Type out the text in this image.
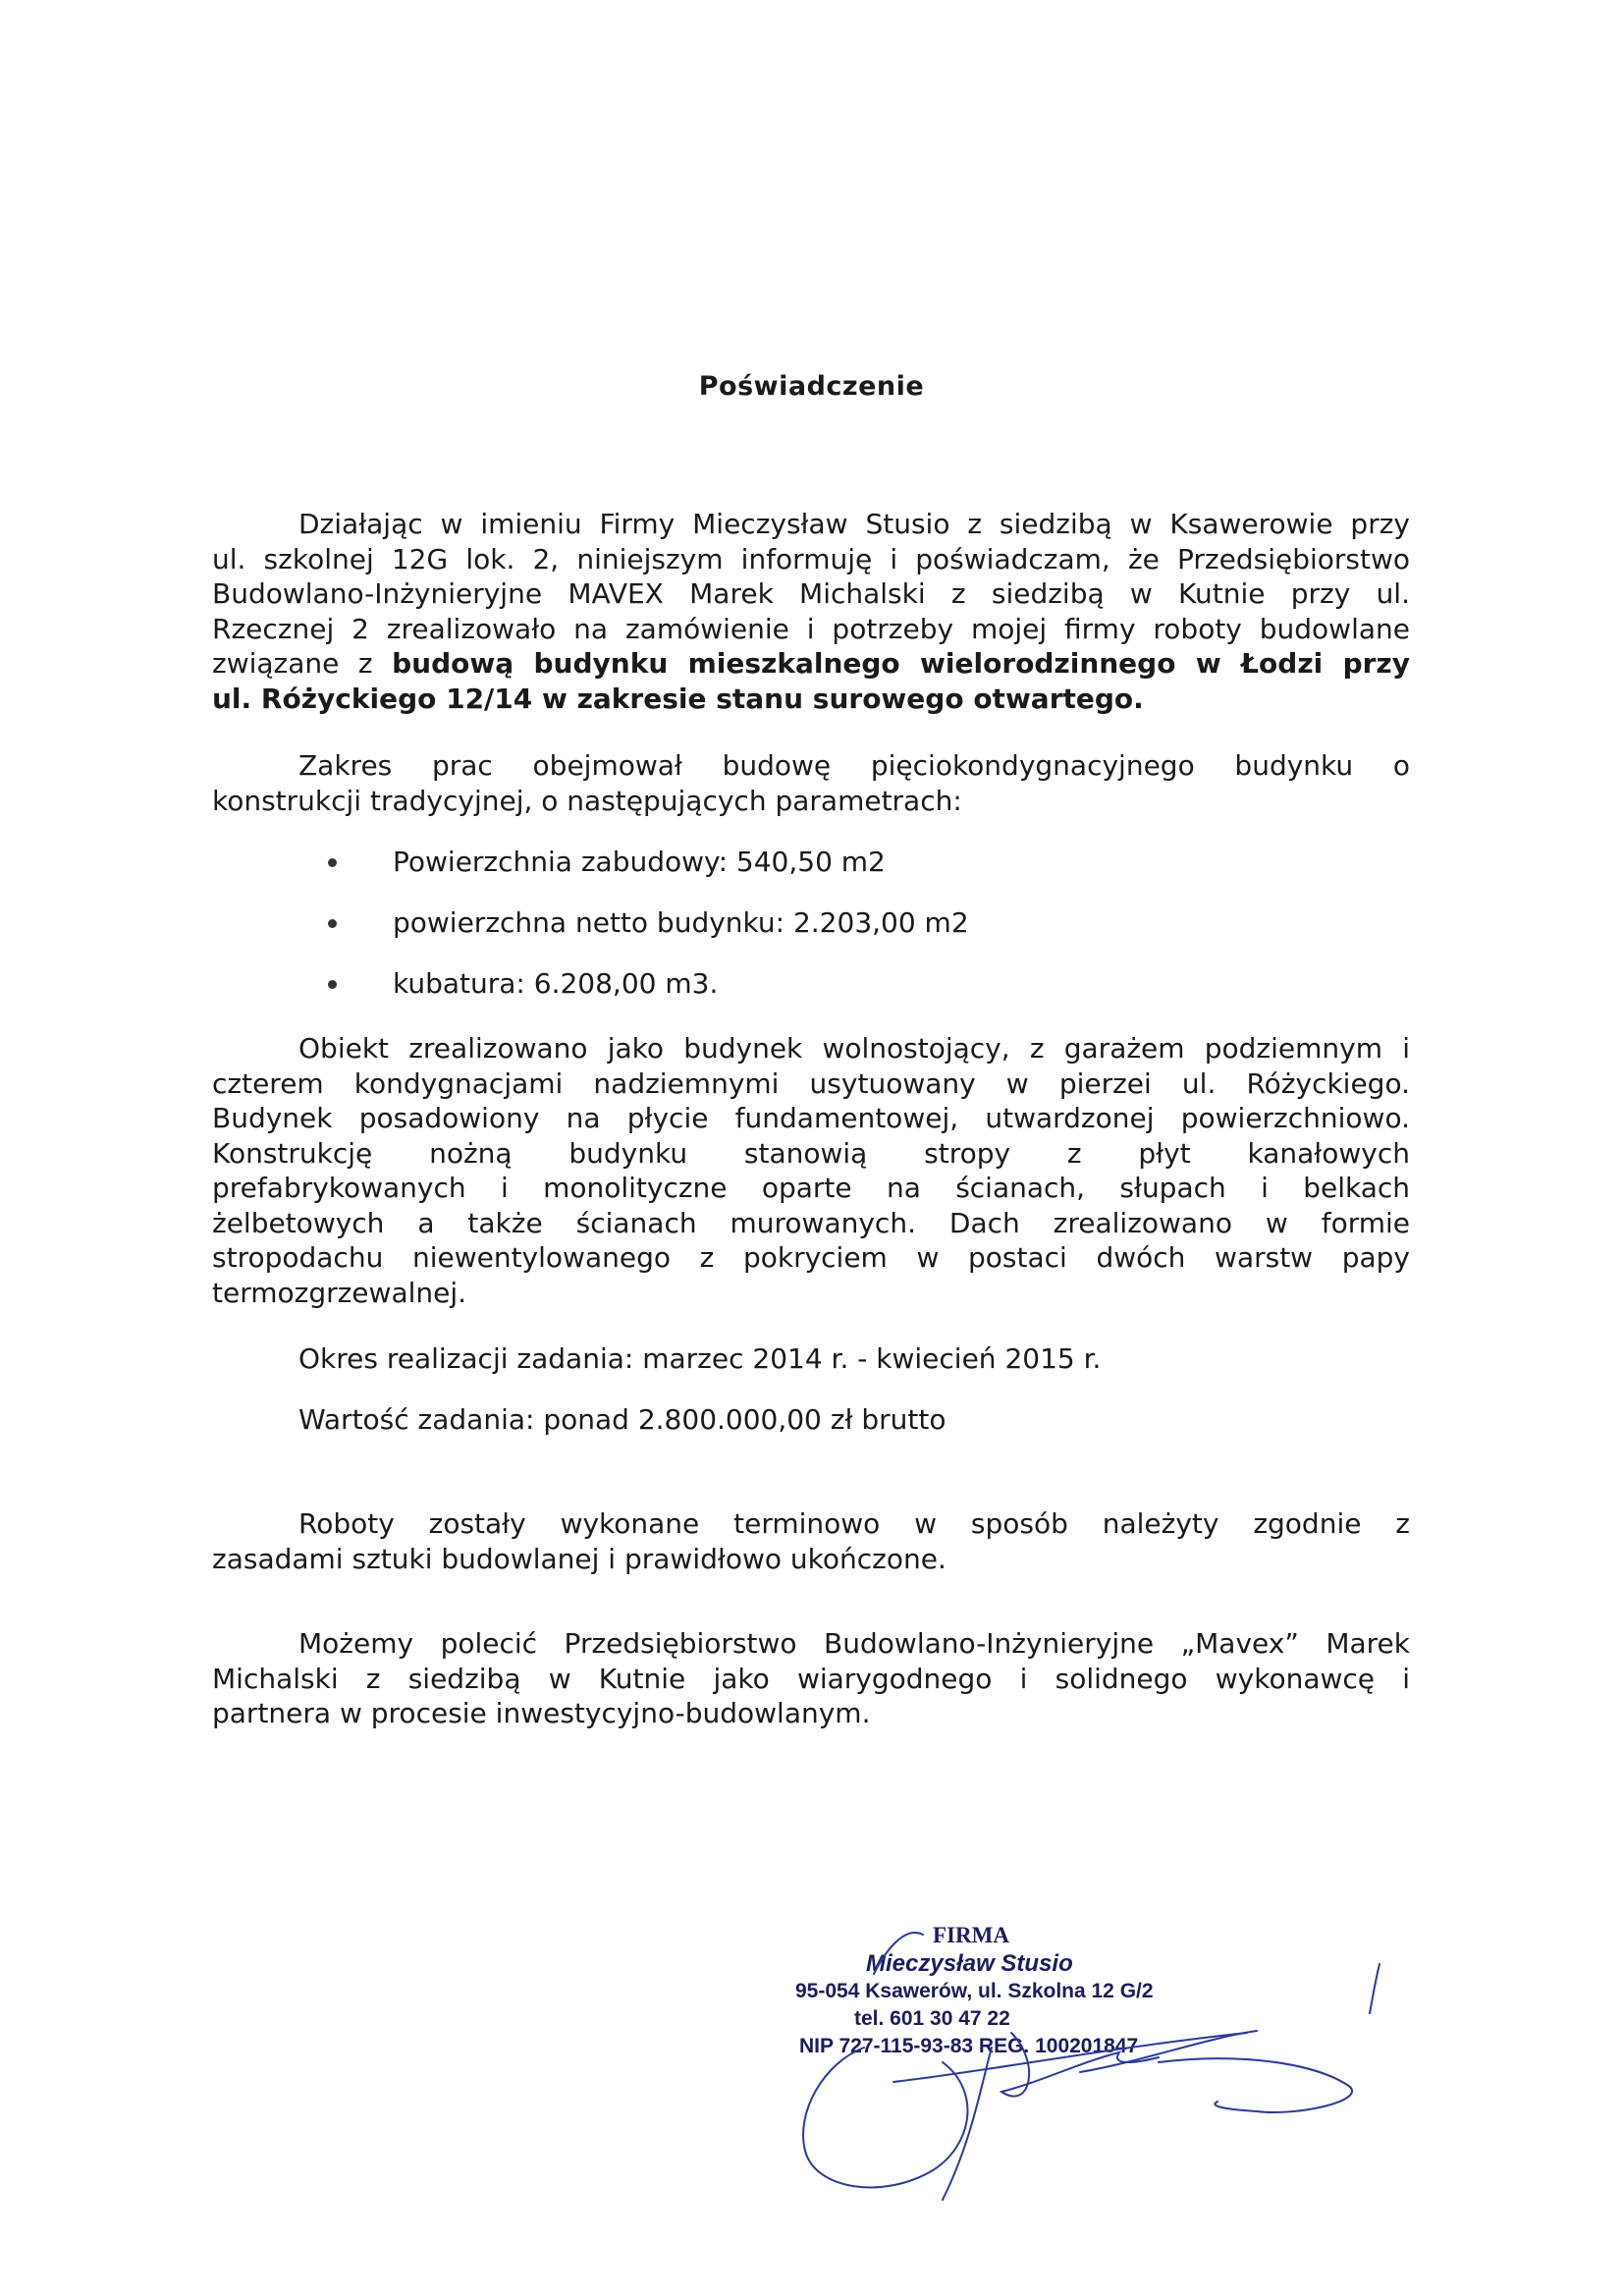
Poświadczenie
Działając w imieniu Firmy Mieczysław Stusio z siedzibą w Ksawerowie przy
ul. szkolnej 12G lok. 2, niniejszym informuję i poświadczam, że Przedsiębiorstwo
Budowlano-Inżynieryjne MAVEX Marek Michalski z siedzibą w Kutnie przy ul.
Rzecznej 2 zrealizowało na zamówienie i potrzeby mojej firmy roboty budowlane
związane z budową budynku mieszkalnego wielorodzinnego w Łodzi przy
ul. Różyckiego 12/14 w zakresie stanu surowego otwartego.
Zakres prac obejmował budowę pięciokondygnacyjnego budynku o
konstrukcji tradycyjnej, o następujących parametrach:
Powierzchnia zabudowy: 540,50 m2
powierzchna netto budynku: 2.203,00 m2
kubatura: 6.208,00 m3.
Obiekt zrealizowano jako budynek wolnostojący, z garażem podziemnym i
czterem kondygnacjami nadziemnymi usytuowany w pierzei ul. Różyckiego.
Budynek posadowiony na płycie fundamentowej, utwardzonej powierzchniowo.
Konstrukcję nożną budynku stanowią stropy z płyt kanałowych
prefabrykowanych i monolityczne oparte na ścianach, słupach i belkach
żelbetowych a także ścianach murowanych. Dach zrealizowano w formie
stropodachu niewentylowanego z pokryciem w postaci dwóch warstw papy
termozgrzewalnej.
Okres realizacji zadania: marzec 2014 r. - kwiecień 2015 r.
Wartość zadania: ponad 2.800.000,00 zł brutto
Roboty zostały wykonane terminowo w sposób należyty zgodnie z
zasadami sztuki budowlanej i prawidłowo ukończone.
Możemy polecić Przedsiębiorstwo Budowlano-Inżynieryjne „Mavex” Marek
Michalski z siedzibą w Kutnie jako wiarygodnego i solidnego wykonawcę i
partnera w procesie inwestycyjno-budowlanym.
FIRMA
Mieczysław Stusio
95-054 Ksawerów, ul. Szkolna 12 G/2
tel. 601 30 47 22
NIP 727-115-93-83 REG. 100201847
